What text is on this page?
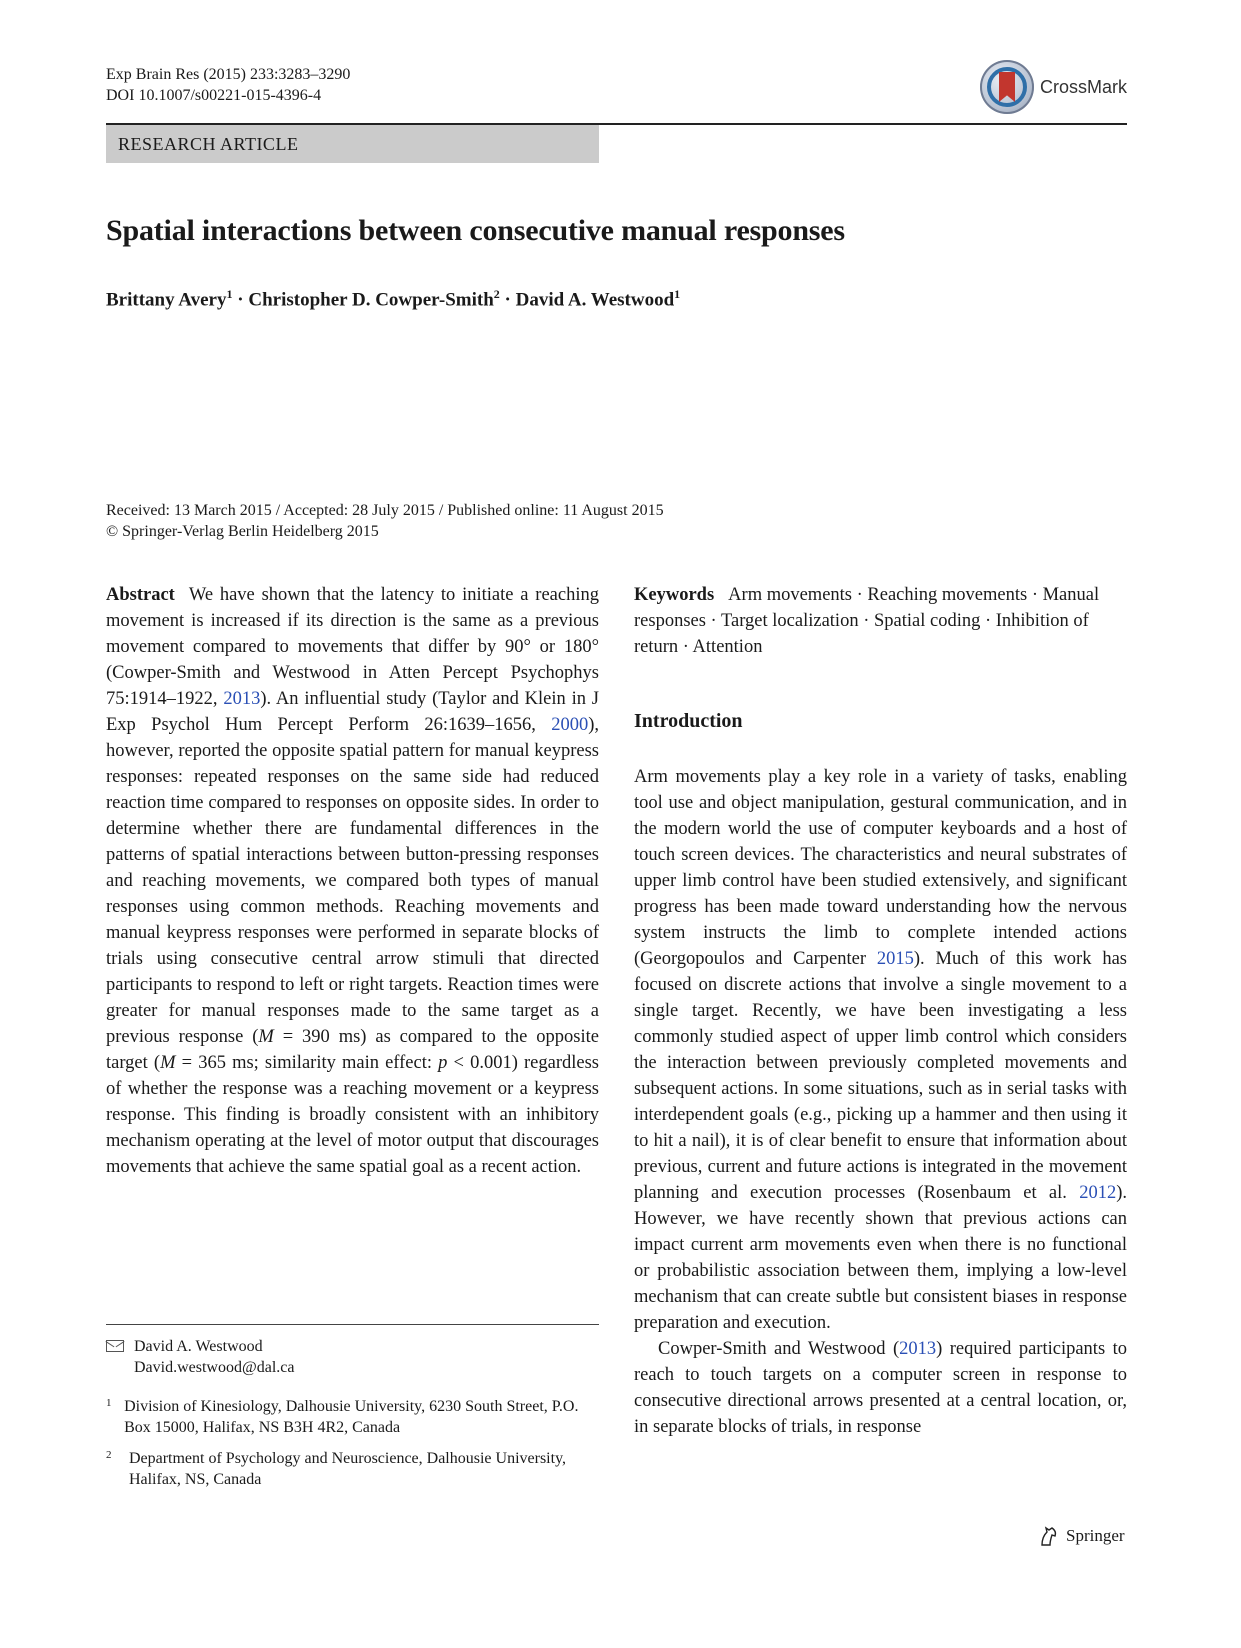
Exp Brain Res (2015) 233:3283–3290
DOI 10.1007/s00221-015-4396-4	CrossMark
RESEARCH ARTICLE
Spatial interactions between consecutive manual responses
Brittany Avery$^1$ · Christopher D. Cowper-Smith$^2$ · David A. Westwood$^1$
Received: 13 March 2015 / Accepted: 28 July 2015 / Published online: 11 August 2015
© Springer-Verlag Berlin Heidelberg 2015

Abstract We have shown that the latency to initiate a reaching movement is increased if its direction is the same as a previous movement compared to movements that differ by 90° or 180° (Cowper-Smith and Westwood in Atten Percept Psychophys 75:1914–1922, 2013). An influential study (Taylor and Klein in J Exp Psychol Hum Percept Perform 26:1639–1656, 2000), however, reported the opposite spatial pattern for manual keypress responses: repeated responses on the same side had reduced reaction time compared to responses on opposite sides. In order to determine whether there are fundamental differences in the patterns of spatial interactions between button-pressing responses and reaching movements, we compared both types of manual responses using common methods. Reaching movements and manual keypress responses were performed in separate blocks of trials using consecutive central arrow stimuli that directed participants to respond to left or right targets. Reaction times were greater for manual responses made to the same target as a previous response (M = 390 ms) as compared to the opposite target (M = 365 ms; similarity main effect: p < 0.001) regardless of whether the response was a reaching movement or a keypress response. This finding is broadly consistent with an inhibitory mechanism operating at the level of motor output that discourages movements that achieve the same spatial goal as a recent action.

Keywords Arm movements · Reaching movements · Manual responses · Target localization · Spatial coding · Inhibition of return · Attention

Introduction

Arm movements play a key role in a variety of tasks, enabling tool use and object manipulation, gestural communication, and in the modern world the use of computer keyboards and a host of touch screen devices. The characteristics and neural substrates of upper limb control have been studied extensively, and significant progress has been made toward understanding how the nervous system instructs the limb to complete intended actions (Georgopoulos and Carpenter 2015). Much of this work has focused on discrete actions that involve a single movement to a single target. Recently, we have been investigating a less commonly studied aspect of upper limb control which considers the interaction between previously completed movements and subsequent actions. In some situations, such as in serial tasks with interdependent goals (e.g., picking up a hammer and then using it to hit a nail), it is of clear benefit to ensure that information about previous, current and future actions is integrated in the movement planning and execution processes (Rosenbaum et al. 2012). However, we have recently shown that previous actions can impact current arm movements even when there is no functional or probabilistic association between them, implying a low-level mechanism that can create subtle but consistent biases in response preparation and execution.

Cowper-Smith and Westwood (2013) required participants to reach to touch targets on a computer screen in response to consecutive directional arrows presented at a central location, or, in separate blocks of trials, in response

David A. Westwood
David.westwood@dal.ca
1 Division of Kinesiology, Dalhousie University, 6230 South Street, P.O. Box 15000, Halifax, NS B3H 4R2, Canada
2	Department of Psychology and Neuroscience, Dalhousie University, Halifax, NS, Canada
Springer
